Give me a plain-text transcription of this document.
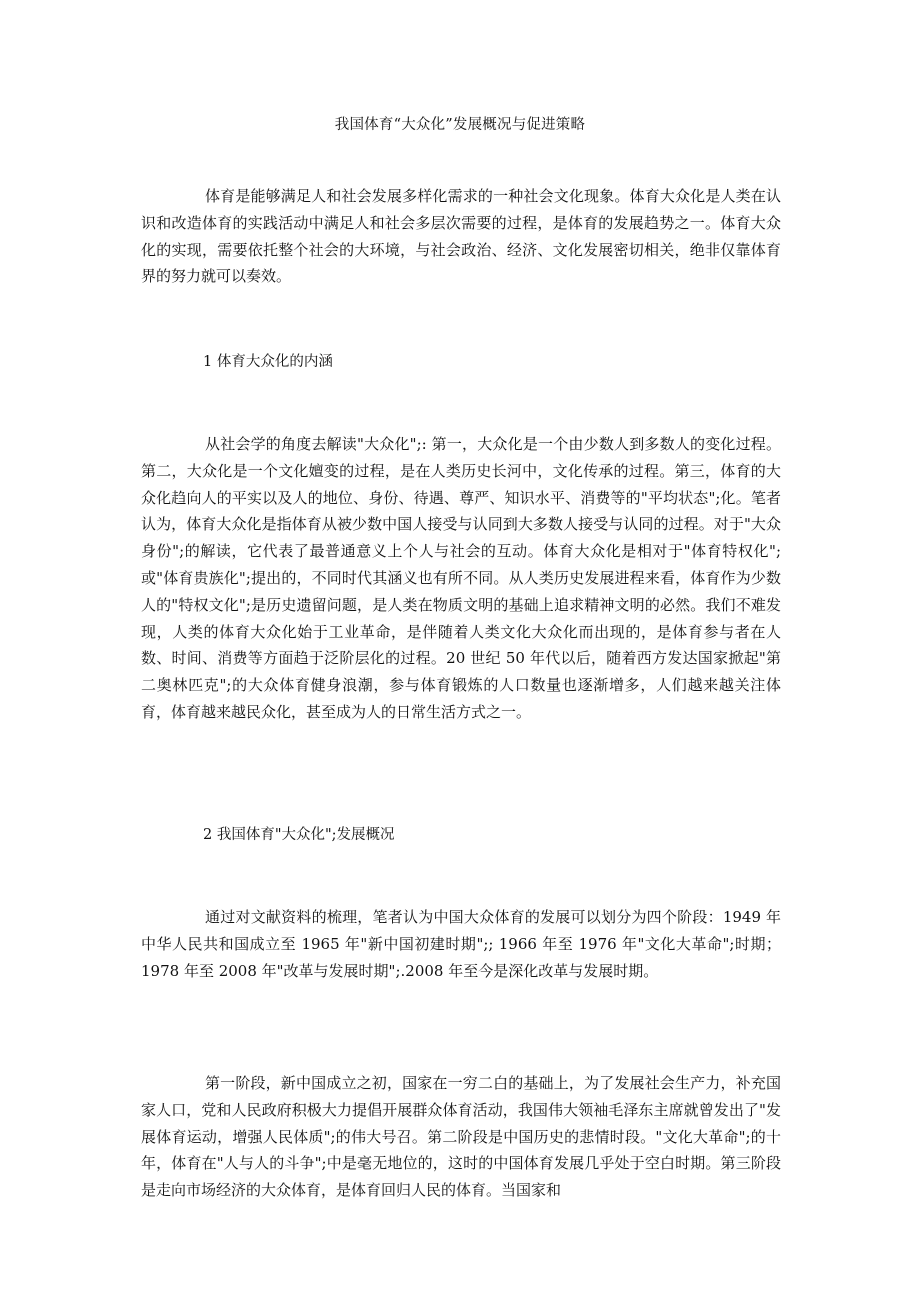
我国体育“大众化”发展概况与促进策略

体育是能够满足人和社会发展多样化需求的一种社会文化现象。体育大众化是人类在认识和改造体育的实践活动中满足人和社会多层次需要的过程，是体育的发展趋势之一。体育大众化的实现，需要依托整个社会的大环境，与社会政治、经济、文化发展密切相关，绝非仅靠体育界的努力就可以奏效。

1 体育大众化的内涵

从社会学的角度去解读"大众化";: 第一，大众化是一个由少数人到多数人的变化过程。第二，大众化是一个文化嬗变的过程，是在人类历史长河中，文化传承的过程。第三，体育的大众化趋向人的平实以及人的地位、身份、待遇、尊严、知识水平、消费等的"平均状态";化。笔者认为，体育大众化是指体育从被少数中国人接受与认同到大多数人接受与认同的过程。对于"大众身份";的解读，它代表了最普通意义上个人与社会的互动。体育大众化是相对于"体育特权化";或"体育贵族化";提出的，不同时代其涵义也有所不同。从人类历史发展进程来看，体育作为少数人的"特权文化";是历史遗留问题，是人类在物质文明的基础上追求精神文明的必然。我们不难发现，人类的体育大众化始于工业革命，是伴随着人类文化大众化而出现的，是体育参与者在人数、时间、消费等方面趋于泛阶层化的过程。20 世纪 50 年代以后，随着西方发达国家掀起"第二奥林匹克";的大众体育健身浪潮，参与体育锻炼的人口数量也逐渐增多，人们越来越关注体育，体育越来越民众化，甚至成为人的日常生活方式之一。

2 我国体育"大众化";发展概况

通过对文献资料的梳理，笔者认为中国大众体育的发展可以划分为四个阶段：1949 年中华人民共和国成立至 1965 年"新中国初建时期";; 1966 年至 1976 年"文化大革命";时期； 1978 年至 2008 年"改革与发展时期";.2008 年至今是深化改革与发展时期。

第一阶段，新中国成立之初，国家在一穷二白的基础上，为了发展社会生产力，补充国家人口，党和人民政府积极大力提倡开展群众体育活动，我国伟大领袖毛泽东主席就曾发出了"发展体育运动，增强人民体质";的伟大号召。第二阶段是中国历史的悲情时段。"文化大革命";的十年，体育在"人与人的斗争";中是毫无地位的，这时的中国体育发展几乎处于空白时期。第三阶段是走向市场经济的大众体育，是体育回归人民的体育。当国家和
